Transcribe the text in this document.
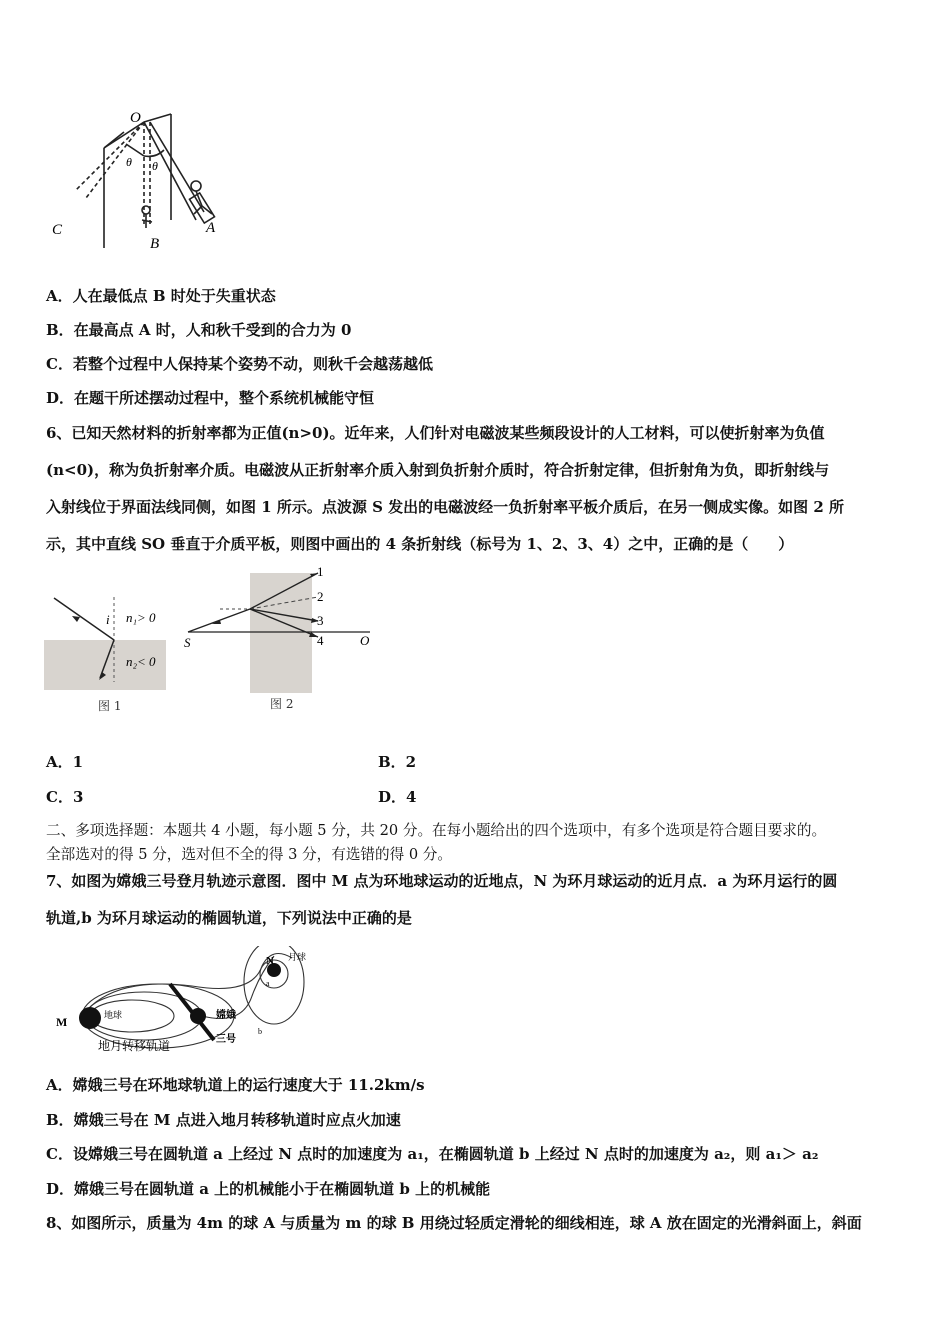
O
θ θ
A
B
C
A．人在最低点 B 时处于失重状态
B．在最高点 A 时，人和秋千受到的合力为 0
C．若整个过程中人保持某个姿势不动，则秋千会越荡越低
D．在题干所述摆动过程中，整个系统机械能守恒
6、已知天然材料的折射率都为正值(n>0)。近年来，人们针对电磁波某些频段设计的人工材料，可以使折射率为负值
(n<0)，称为负折射率介质。电磁波从正折射率介质入射到负折射介质时，符合折射定律，但折射角为负，即折射线与
入射线位于界面法线同侧，如图 1 所示。点波源 S 发出的电磁波经一负折射率平板介质后，在另一侧成实像。如图 2 所
示，其中直线 SO 垂直于介质平板，则图中画出的 4 条折射线（标号为 1、2、3、4）之中，正确的是（　　）
i n₁> 0
n₂< 0
图 1
1
2
3
4
S	O
图 2
A．1	B．2
C．3	D．4
二、多项选择题：本题共 4 小题，每小题 5 分，共 20 分。在每小题给出的四个选项中，有多个选项是符合题目要求的。
全部选对的得 5 分，选对但不全的得 3 分，有选错的得 0 分。
7、如图为嫦娥三号登月轨迹示意图．图中 M 点为环地球运动的近地点，N 为环月球运动的近月点．a 为环月运行的圆
轨道,b 为环月球运动的椭圆轨道，下列说法中正确的是
M	地球
N 月球
a
b
嫦娥
三号
地月转移轨道
A．嫦娥三号在环地球轨道上的运行速度大于 11.2km/s
B．嫦娥三号在 M 点进入地月转移轨道时应点火加速
C．设嫦娥三号在圆轨道 a 上经过 N 点时的加速度为 a₁，在椭圆轨道 b 上经过 N 点时的加速度为 a₂，则 a₁＞ a₂
D．嫦娥三号在圆轨道 a 上的机械能小于在椭圆轨道 b 上的机械能
8、如图所示，质量为 4m 的球 A 与质量为 m 的球 B 用绕过轻质定滑轮的细线相连，球 A 放在固定的光滑斜面上，斜面
